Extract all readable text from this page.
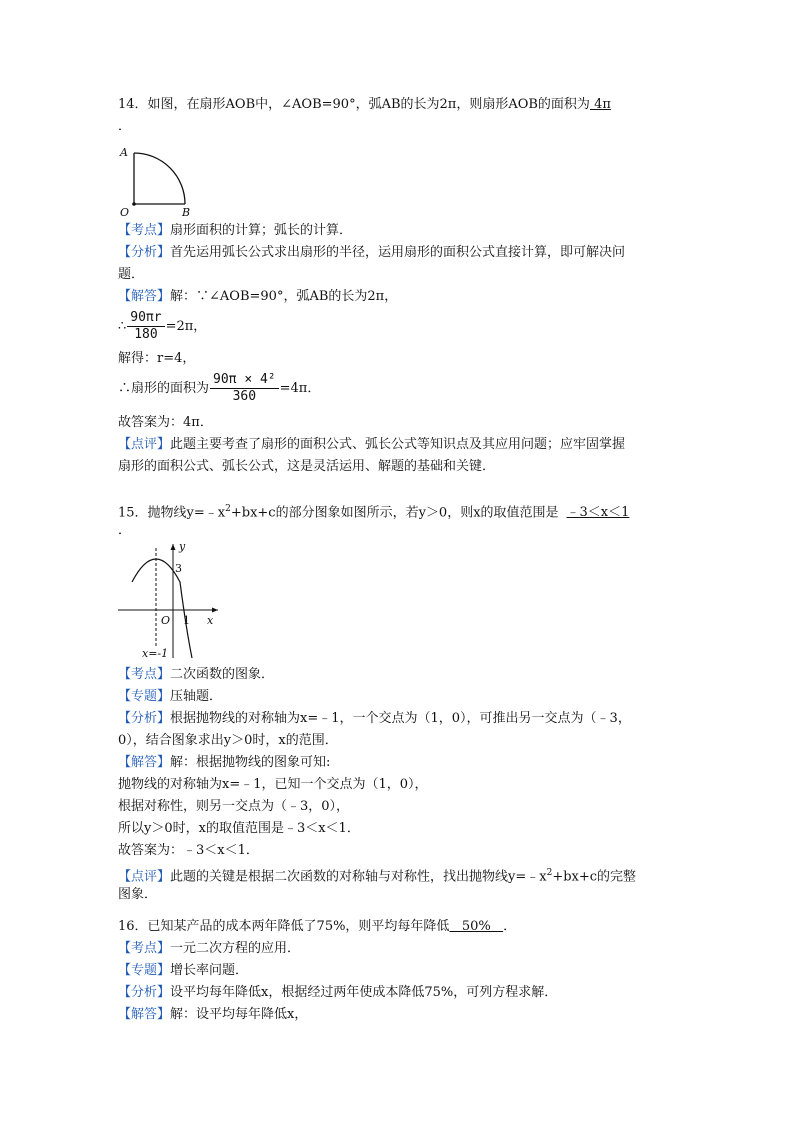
14．如图，在扇形AOB中，∠AOB=90°，弧AB的长为2π，则扇形AOB的面积为 4π
．
A
O	B
【考点】扇形面积的计算；弧长的计算．
【分析】首先运用弧长公式求出扇形的半径，运用扇形的面积公式直接计算，即可解决问
题．
【解答】解：∵∠AOB=90°，弧AB的长为2π，
∴ $\frac{90\pi r}{180} =2\pi$，
解得：r=4，
∴扇形的面积为 $\frac{\text{90π × 4²}}{360} =4\pi$．
故答案为：4π．
【点评】此题主要考查了扇形的面积公式、弧长公式等知识点及其应用问题；应牢固掌握
扇形的面积公式、弧长公式，这是灵活运用、解题的基础和关键．
15．抛物线$y=﹣x^2+bx+c$的部分图象如图所示，若y＞0，则x的取值范围是 ﹣3＜x＜1
．
y
3
O 1 x
x=-1
【考点】二次函数的图象．
【专题】压轴题．
【分析】根据抛物线的对称轴为x=﹣1，一个交点为（1，0），可推出另一交点为（﹣3，
0），结合图象求出y＞0时，x的范围．
【解答】解：根据抛物线的图象可知:
抛物线的对称轴为x=﹣1，已知一个交点为（1，0），
根据对称性，则另一交点为（﹣3，0），
所以y＞0时，x的取值范围是﹣3＜x＜1．
故答案为：﹣3＜x＜1．
【点评】此题的关键是根据二次函数的对称轴与对称性，找出抛物线$y=﹣x^2+bx+c$的完整
图象．
16．已知某产品的成本两年降低了75%，则平均每年降低   50%   ．
【考点】一元二次方程的应用．
【专题】增长率问题．
【分析】设平均每年降低x，根据经过两年使成本降低75%，可列方程求解．
【解答】解：设平均每年降低x，
